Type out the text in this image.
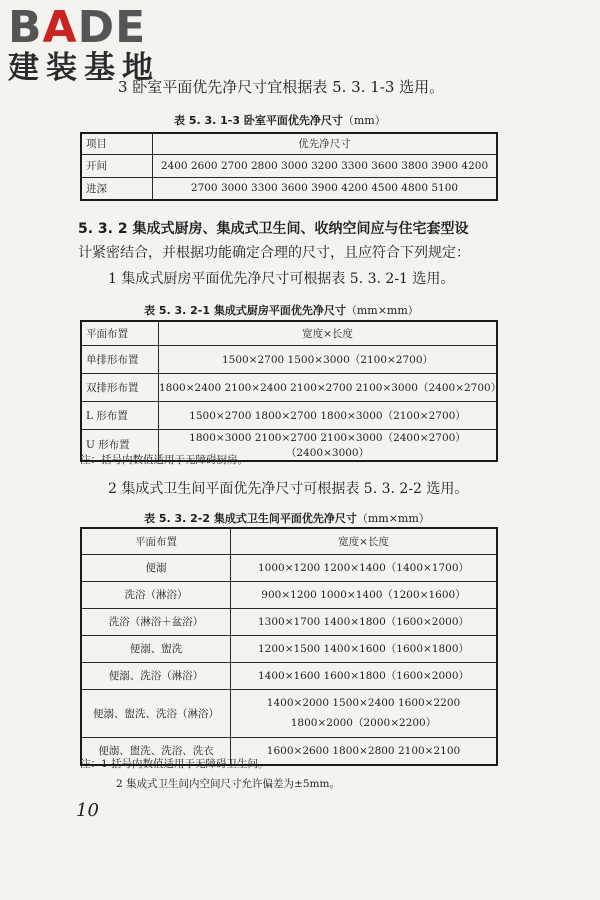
BADE
建装基地
3 卧室平面优先净尺寸宜根据表 5. 3. 1-3 选用。
表 5. 3. 1-3 卧室平面优先净尺寸（mm）
项目	优先净尺寸
开间	2400 2600 2700 2800 3000 3200 3300 3600 3800 3900 4200
进深	2700 3000 3300 3600 3900 4200 4500 4800 5100
5. 3. 2 集成式厨房、集成式卫生间、收纳空间应与住宅套型设
计紧密结合，并根据功能确定合理的尺寸，且应符合下列规定：
1 集成式厨房平面优先净尺寸可根据表 5. 3. 2-1 选用。
表 5. 3. 2-1 集成式厨房平面优先净尺寸（mm×mm）
平面布置	宽度×长度
单排形布置	1500×2700 1500×3000（2100×2700）
双排形布置	1800×2400 2100×2400 2100×2700 2100×3000（2400×2700）
L 形布置	1500×2700 1800×2700 1800×3000（2100×2700）
U 形布置	1800×3000 2100×2700 2100×3000（2400×2700）（2400×3000）
注：括号内数值适用于无障碍厨房。
2 集成式卫生间平面优先净尺寸可根据表 5. 3. 2-2 选用。
表 5. 3. 2-2 集成式卫生间平面优先净尺寸（mm×mm）
平面布置	宽度×长度
便溺	1000×1200 1200×1400（1400×1700）
洗浴（淋浴）	900×1200 1000×1400（1200×1600）
洗浴（淋浴＋盆浴）	1300×1700 1400×1800（1600×2000）
便溺、盥洗	1200×1500 1400×1600（1600×1800）
便溺、洗浴（淋浴）	1400×1600 1600×1800（1600×2000）
便溺、盥洗、洗浴（淋浴）	1400×2000 1500×2400 1600×2200
1800×2000（2000×2200）

便溺、盥洗、洗浴、洗衣	1600×2600 1800×2800 2100×2100
注：1 括号内数值适用于无障碍卫生间。
2 集成式卫生间内空间尺寸允许偏差为±5mm。
10
